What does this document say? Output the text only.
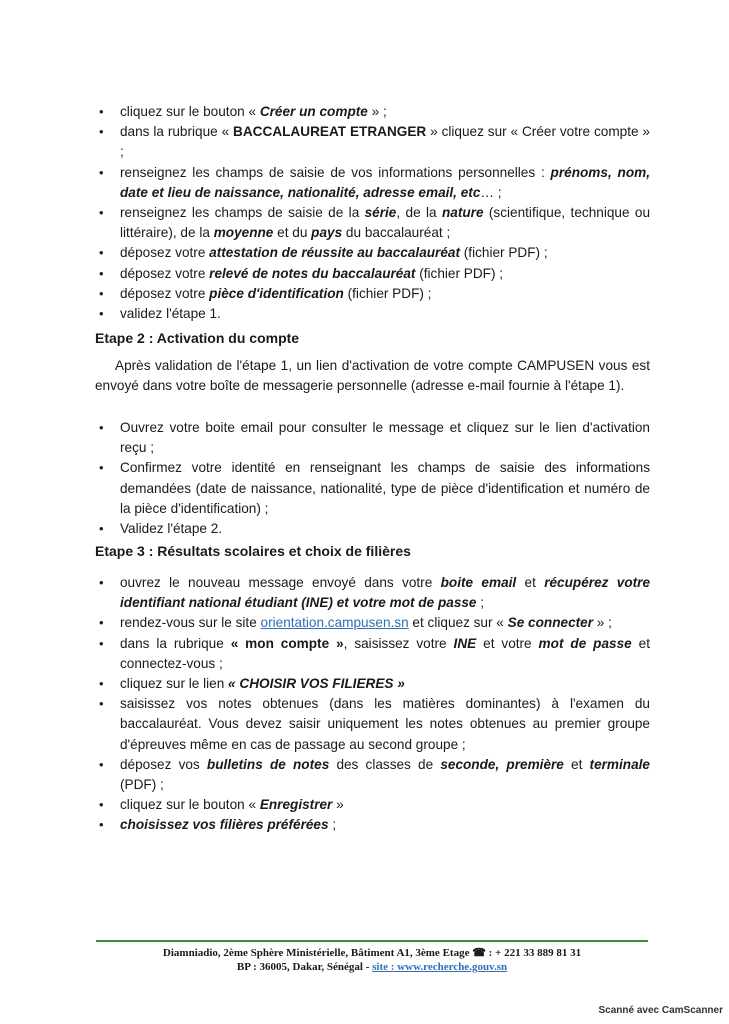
• cliquez sur le bouton « Créer un compte » ;
• dans la rubrique « BACCALAUREAT ETRANGER » cliquez sur « Créer votre compte » ;
• renseignez les champs de saisie de vos informations personnelles : prénoms, nom, date et lieu de naissance, nationalité, adresse email, etc… ;
• renseignez les champs de saisie de la série, de la nature (scientifique, technique ou littéraire), de la moyenne et du pays du baccalauréat ;
• déposez votre attestation de réussite au baccalauréat (fichier PDF) ;
• déposez votre relevé de notes du baccalauréat (fichier PDF) ;
• déposez votre pièce d'identification (fichier PDF) ;
• validez l'étape 1.
Etape 2 : Activation du compte

Après validation de l'étape 1, un lien d'activation de votre compte CAMPUSEN vous est envoyé dans votre boîte de messagerie personnelle (adresse e-mail fournie à l'étape 1).

• Ouvrez votre boite email pour consulter le message et cliquez sur le lien d'activation reçu ;
• Confirmez votre identité en renseignant les champs de saisie des informations demandées (date de naissance, nationalité, type de pièce d'identification et numéro de la pièce d'identification) ;
• Validez l'étape 2.
Etape 3 : Résultats scolaires et choix de filières
• ouvrez le nouveau message envoyé dans votre boite email et récupérez votre identifiant national étudiant (INE) et votre mot de passe ;
• rendez-vous sur le site orientation.campusen.sn et cliquez sur « Se connecter » ;
• dans la rubrique « mon compte », saisissez votre INE et votre mot de passe et connectez-vous ;
• cliquez sur le lien « CHOISIR VOS FILIERES »
• saisissez vos notes obtenues (dans les matières dominantes) à l'examen du baccalauréat. Vous devez saisir uniquement les notes obtenues au premier groupe d'épreuves même en cas de passage au second groupe ;
• déposez vos bulletins de notes des classes de seconde, première et terminale (PDF) ;
• cliquez sur le bouton « Enregistrer »
• choisissez vos filières préférées ;
Diamniadio, 2ème Sphère Ministérielle, Bâtiment A1, 3ème Etage ☎ : + 221 33 889 81 31
BP : 36005, Dakar, Sénégal - site : www.recherche.gouv.sn
Scanné avec CamScanner
